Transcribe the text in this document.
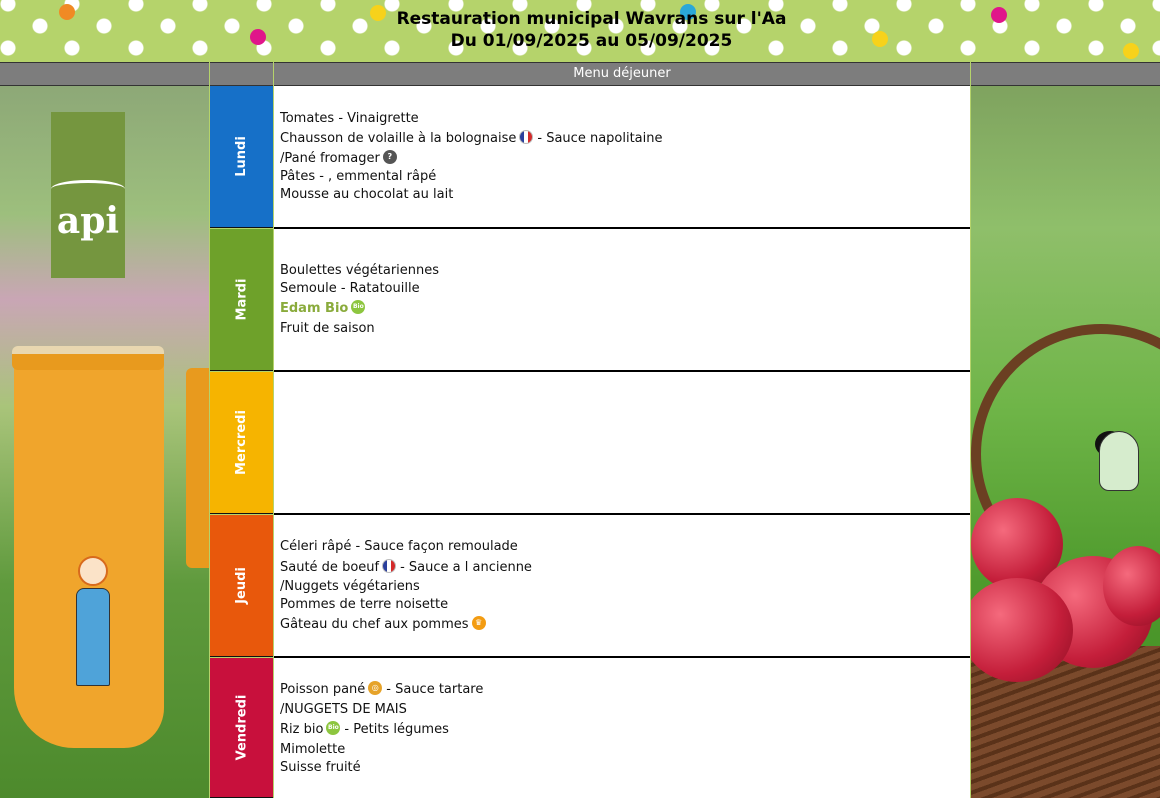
Restauration municipal Wavrans sur l'Aa
Du 01/09/2025 au 05/09/2025
Menu déjeuner
api
Lundi
Mardi
Mercredi
Jeudi
Vendredi
Tomates - Vinaigrette
Chausson de volaille à la bolognaise - Sauce napolitaine
/Pané fromager ?
Pâtes - , emmental râpé
Mousse au chocolat au lait
Boulettes végétariennes
Semoule - Ratatouille
Edam Bio Bio
Fruit de saison
Céleri râpé - Sauce façon remoulade
Sauté de boeuf - Sauce a l ancienne
/Nuggets végétariens
Pommes de terre noisette
Gâteau du chef aux pommes ♛
Poisson pané ◎ - Sauce tartare
/NUGGETS DE MAIS
Riz bio Bio - Petits légumes
Mimolette
Suisse fruité
